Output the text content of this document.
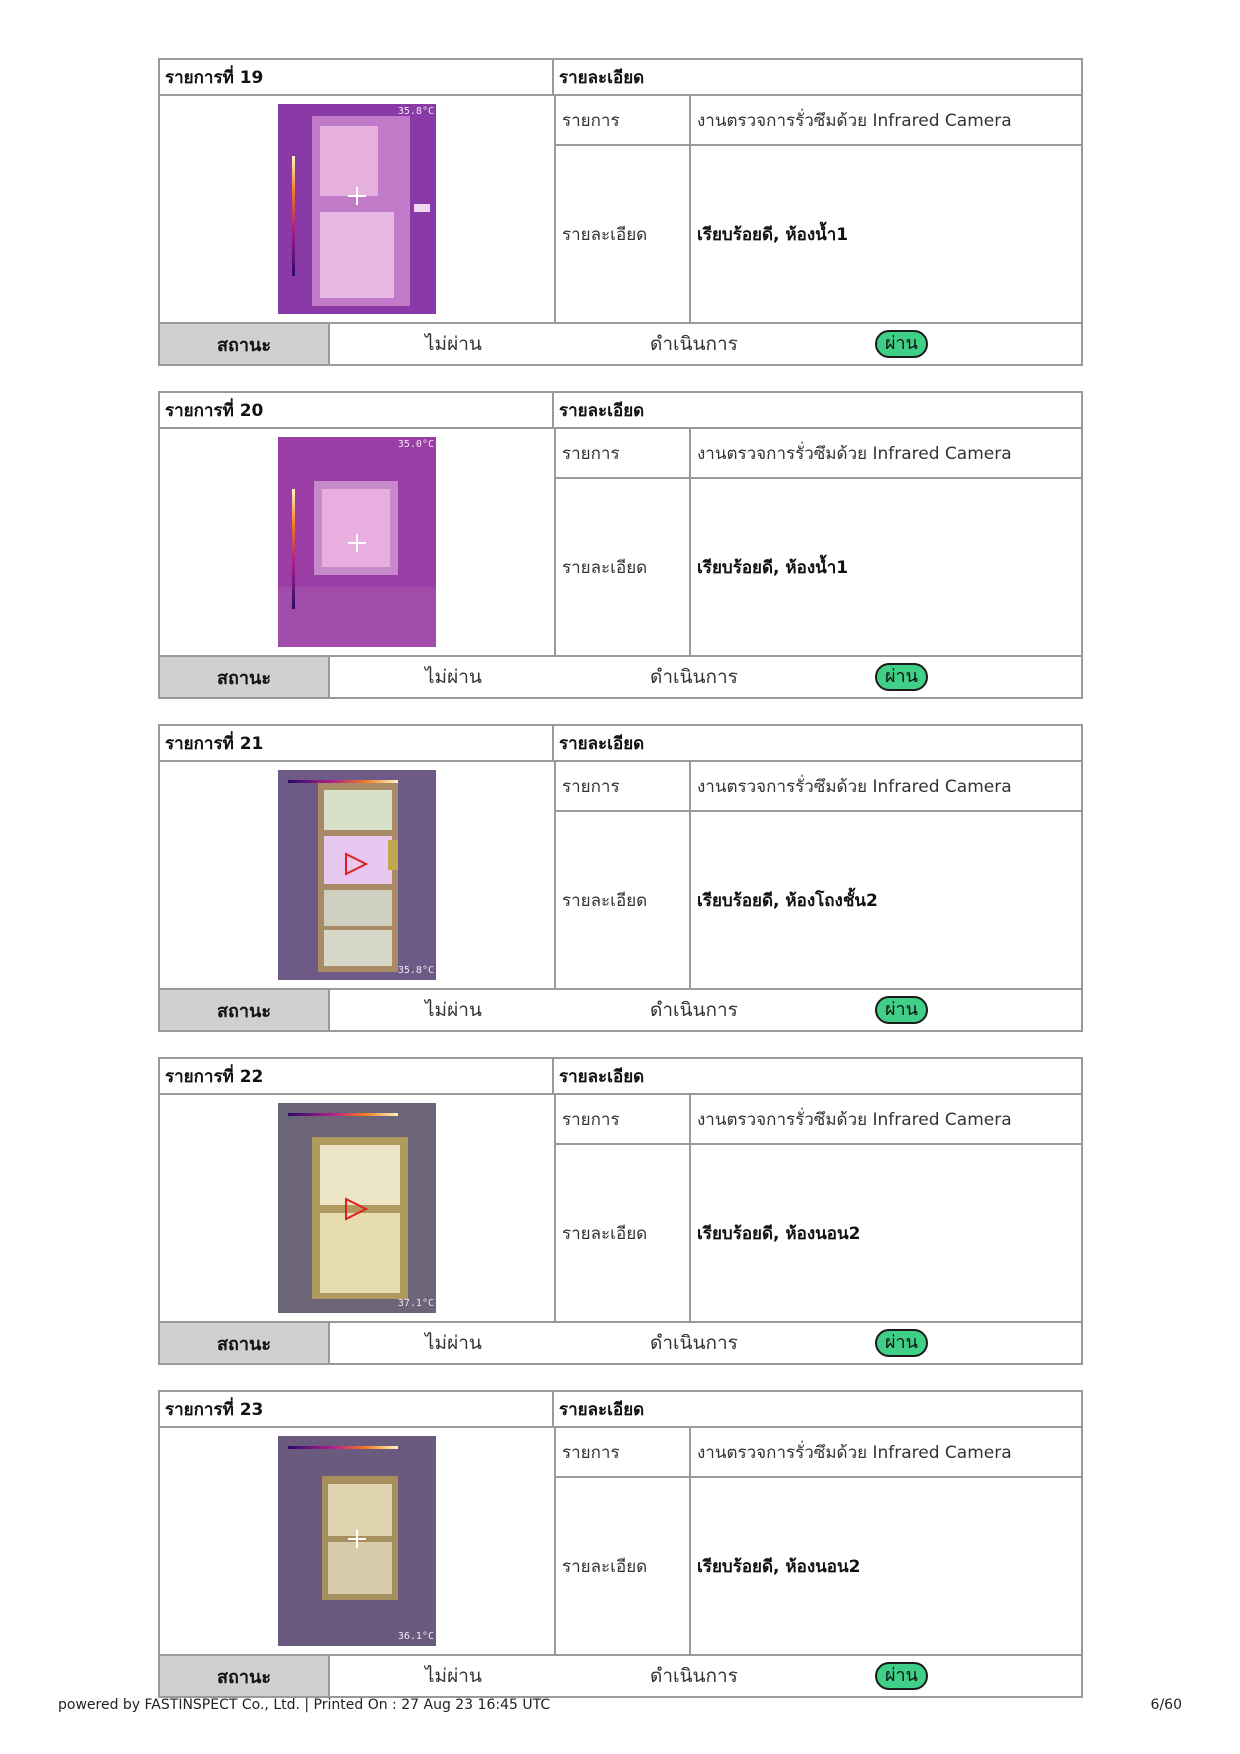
รายการที่ 19	รายละเอียด
35.8°C	รายการ	งานตรวจการรั่วซึมด้วย Infrared Camera
รายละเอียด	เรียบร้อยดี, ห้องน้ำ1
สถานะ	ไม่ผ่าน	ดำเนินการ	ผ่าน
รายการที่ 20	รายละเอียด
35.0°C	รายการ	งานตรวจการรั่วซึมด้วย Infrared Camera
รายละเอียด	เรียบร้อยดี, ห้องน้ำ1
สถานะ	ไม่ผ่าน	ดำเนินการ	ผ่าน
รายการที่ 21	รายละเอียด
35.8°C
รายการ	งานตรวจการรั่วซึมด้วย Infrared Camera
รายละเอียด	เรียบร้อยดี, ห้องโถงชั้น2
สถานะ	ไม่ผ่าน	ดำเนินการ	ผ่าน
รายการที่ 22	รายละเอียด
37.1°C
รายการ	งานตรวจการรั่วซึมด้วย Infrared Camera
รายละเอียด	เรียบร้อยดี, ห้องนอน2
สถานะ	ไม่ผ่าน	ดำเนินการ	ผ่าน
รายการที่ 23	รายละเอียด
36.1°C
รายการ	งานตรวจการรั่วซึมด้วย Infrared Camera
รายละเอียด	เรียบร้อยดี, ห้องนอน2
สถานะ	ไม่ผ่าน	ดำเนินการ	ผ่าน
powered by FASTINSPECT Co., Ltd. | Printed On : 27 Aug 23 16:45 UTC	6/60
